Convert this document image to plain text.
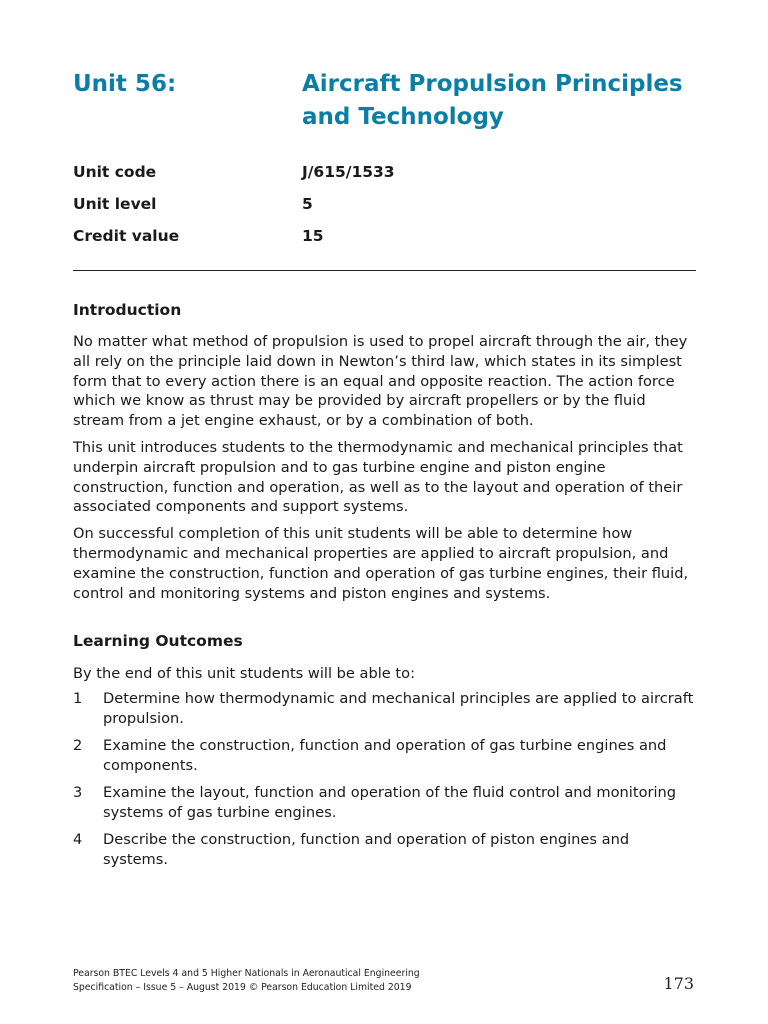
Unit 56:	Aircraft Propulsion Principles and Technology
Unit code	J/615/1533
Unit level	5
Credit value	15
Introduction

No matter what method of propulsion is used to propel aircraft through the air, they all rely on the principle laid down in Newton’s third law, which states in its simplest form that to every action there is an equal and opposite reaction. The action force which we know as thrust may be provided by aircraft propellers or by the fluid stream from a jet engine exhaust, or by a combination of both.

This unit introduces students to the thermodynamic and mechanical principles that underpin aircraft propulsion and to gas turbine engine and piston engine construction, function and operation, as well as to the layout and operation of their associated components and support systems.

On successful completion of this unit students will be able to determine how thermodynamic and mechanical properties are applied to aircraft propulsion, and examine the construction, function and operation of gas turbine engines, their fluid, control and monitoring systems and piston engines and systems.

Learning Outcomes

By the end of this unit students will be able to:

1 Determine how thermodynamic and mechanical principles are applied to aircraft propulsion.
2 Examine the construction, function and operation of gas turbine engines and components.
3 Examine the layout, function and operation of the fluid control and monitoring systems of gas turbine engines.
4 Describe the construction, function and operation of piston engines and systems.
Pearson BTEC Levels 4 and 5 Higher Nationals in Aeronautical Engineering
Specification – Issue 5 – August 2019 © Pearson Education Limited 2019	173
